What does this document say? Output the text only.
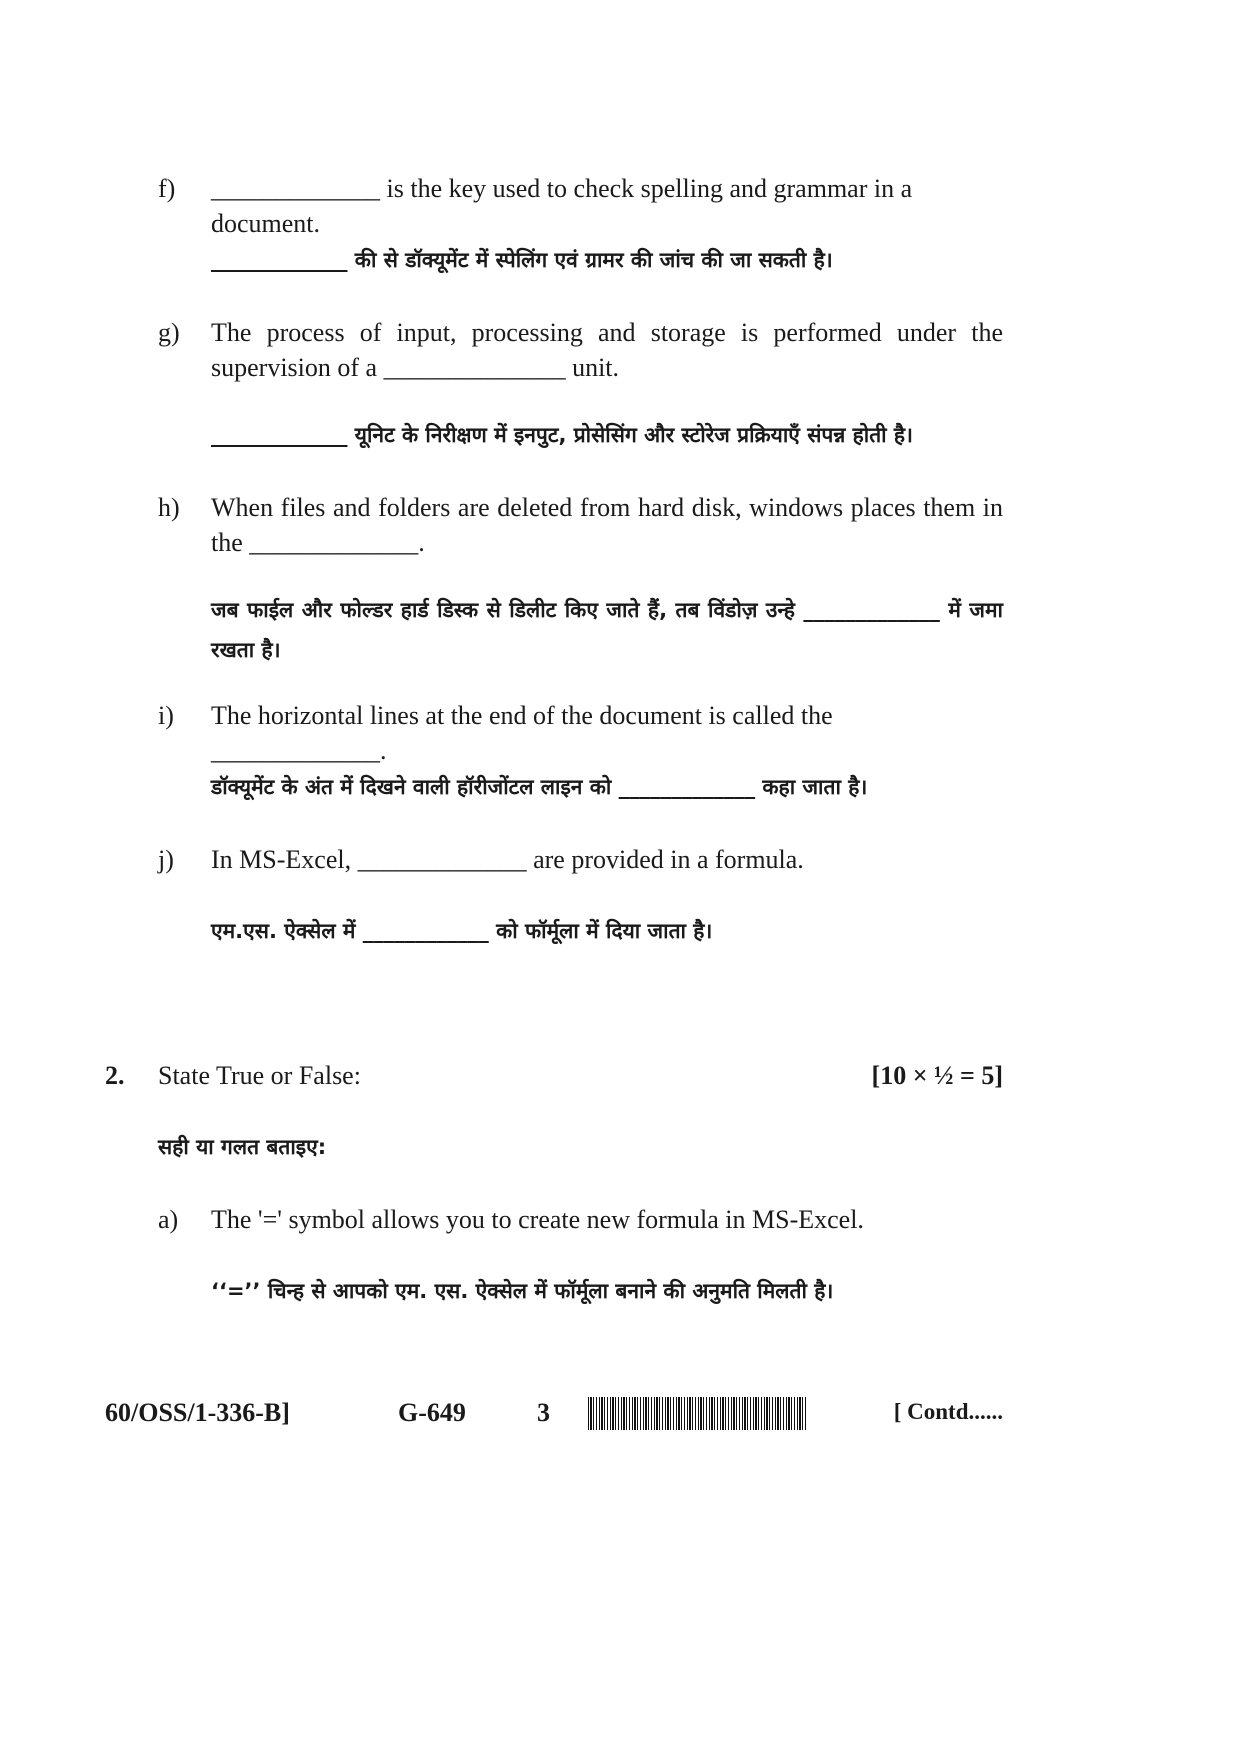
f) _____________ is the key used to check spelling and grammar in a document.
_____________ की से डॉक्यूमेंट में स्पेलिंग एवं ग्रामर की जांच की जा सकती है।
g) The process of input, processing and storage is performed under the supervision of a ______________ unit.
_____________ यूनिट के निरीक्षण में इनपुट, प्रोसेसिंग और स्टोरेज प्रक्रियाएँ संपन्न होती है।
h) When files and folders are deleted from hard disk, windows places them in the _____________.
जब फाईल और फोल्डर हार्ड डिस्क से डिलीट किए जाते हैं, तब विंडोज़ उन्हे _____________ में जमा रखता है।
i) The horizontal lines at the end of the document is called the _____________.
डॉक्यूमेंट के अंत में दिखने वाली हॉरीजोंटल लाइन को _____________ कहा जाता है।
j) In MS-Excel, _____________ are provided in a formula.
एम.एस. ऐक्सेल में ____________ को फॉर्मूला में दिया जाता है।
2. State True or False:	[10 × ½ = 5]
सही या गलत बताइए:
a) The '=' symbol allows you to create new formula in MS-Excel.
‘‘=’’ चिन्ह से आपको एम. एस. ऐक्सेल में फॉर्मूला बनाने की अनुमति मिलती है।
60/OSS/1-336-B]	G-649	3	[ Contd......
